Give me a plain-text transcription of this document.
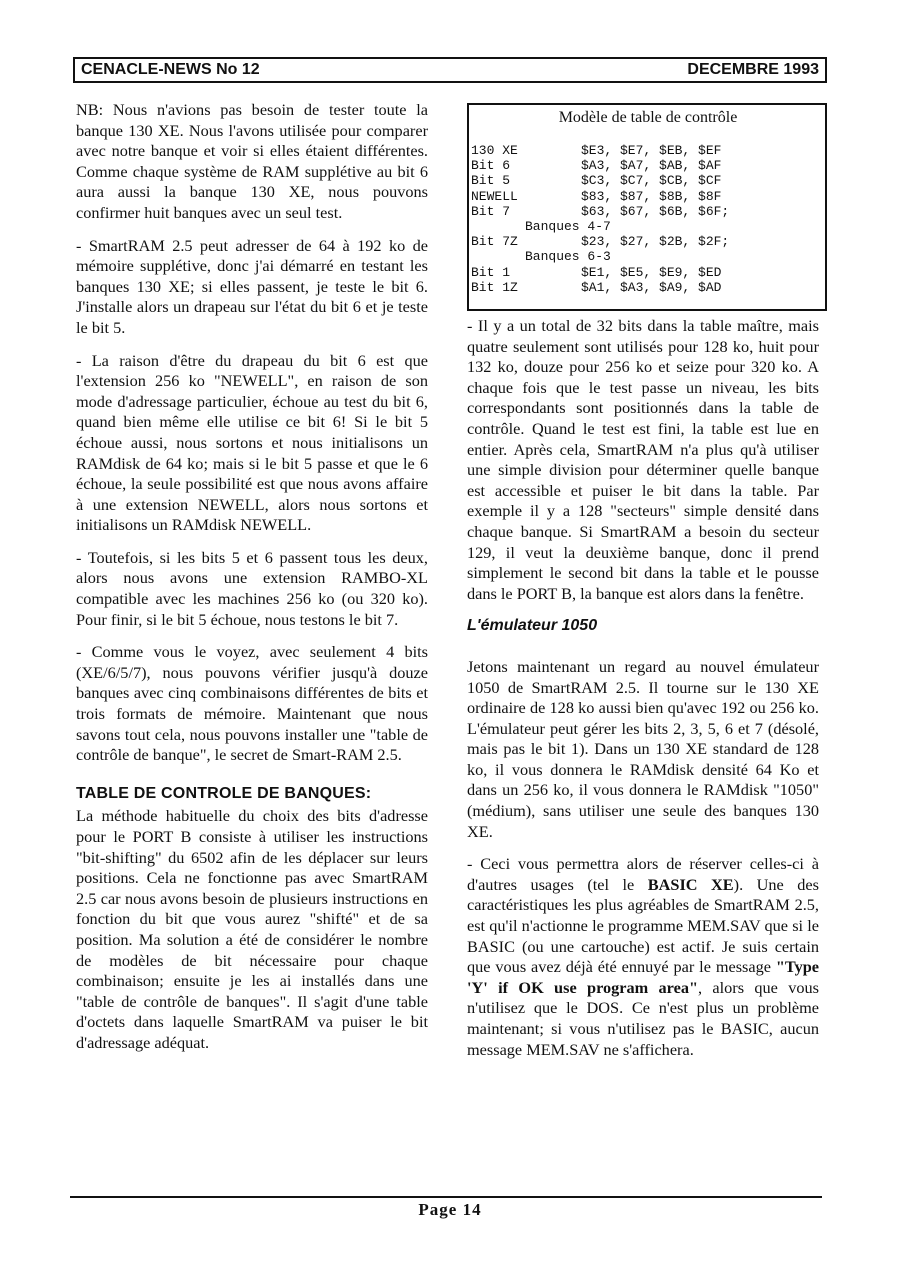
CENACLE-NEWS No 12	DECEMBRE 1993

NB: Nous n'avions pas besoin de tester toute la banque 130 XE. Nous l'avons utilisée pour comparer avec notre banque et voir si elles étaient différentes. Comme chaque système de RAM supplétive au bit 6 aura aussi la banque 130 XE, nous pouvons confirmer huit banques avec un seul test.

- SmartRAM 2.5 peut adresser de 64 à 192 ko de mémoire supplétive, donc j'ai démarré en testant les banques 130 XE; si elles passent, je teste le bit 6. J'installe alors un drapeau sur l'état du bit 6 et je teste le bit 5.

- La raison d'être du drapeau du bit 6 est que l'extension 256 ko "NEWELL", en raison de son mode d'adressage particulier, échoue au test du bit 6, quand bien même elle utilise ce bit 6! Si le bit 5 échoue aussi, nous sortons et nous initialisons un RAMdisk de 64 ko; mais si le bit 5 passe et que le 6 échoue, la seule possibilité est que nous avons affaire à une extension NEWELL, alors nous sortons et initialisons un RAMdisk NEWELL.

- Toutefois, si les bits 5 et 6 passent tous les deux, alors nous avons une extension RAMBO-XL compatible avec les machines 256 ko (ou 320 ko). Pour finir, si le bit 5 échoue, nous testons le bit 7.

- Comme vous le voyez, avec seulement 4 bits (XE/6/5/7), nous pouvons vérifier jusqu'à douze banques avec cinq combinaisons différentes de bits et trois formats de mémoire. Maintenant que nous savons tout cela, nous pouvons installer une "table de contrôle de banque", le secret de Smart-RAM 2.5.

TABLE DE CONTROLE DE BANQUES:

La méthode habituelle du choix des bits d'adresse pour le PORT B consiste à utiliser les instructions "bit-shifting" du 6502 afin de les déplacer sur leurs positions. Cela ne fonctionne pas avec SmartRAM 2.5 car nous avons besoin de plusieurs instructions en fonction du bit que vous aurez "shifté" et de sa position. Ma solution a été de considérer le nombre de modèles de bit nécessaire pour chaque combinaison; ensuite je les ai installés dans une "table de contrôle de banques". Il s'agit d'une table d'octets dans laquelle SmartRAM va puiser le bit d'adressage adéquat.

Modèle de table de contrôle
130 XE	$E3, $E7, $EB, $EF
Bit 6	$A3, $A7, $AB, $AF
Bit 5	$C3, $C7, $CB, $CF
NEWELL	$83, $87, $8B, $8F
Bit 7	$63, $67, $6B, $6F;
Banques 4-7	
Bit 7Z	$23, $27, $2B, $2F;
Banques 6-3	
Bit 1	$E1, $E5, $E9, $ED
Bit 1Z	$A1, $A3, $A9, $AD

- Il y a un total de 32 bits dans la table maître, mais quatre seulement sont utilisés pour 128 ko, huit pour 132 ko, douze pour 256 ko et seize pour 320 ko. A chaque fois que le test passe un niveau, les bits correspondants sont positionnés dans la table de contrôle. Quand le test est fini, la table est lue en entier. Après cela, SmartRAM n'a plus qu'à utiliser une simple division pour déterminer quelle banque est accessible et puiser le bit dans la table. Par exemple il y a 128 "secteurs" simple densité dans chaque banque. Si SmartRAM a besoin du secteur 129, il veut la deuxième banque, donc il prend simplement le second bit dans la table et le pousse dans le PORT B, la banque est alors dans la fenêtre.

L'émulateur 1050

Jetons maintenant un regard au nouvel émulateur 1050 de SmartRAM 2.5. Il tourne sur le 130 XE ordinaire de 128 ko aussi bien qu'avec 192 ou 256 ko. L'émulateur peut gérer les bits 2, 3, 5, 6 et 7 (désolé, mais pas le bit 1). Dans un 130 XE standard de 128 ko, il vous donnera le RAMdisk densité 64 Ko et dans un 256 ko, il vous donnera le RAMdisk "1050" (médium), sans utiliser une seule des banques 130 XE.

- Ceci vous permettra alors de réserver celles-ci à d'autres usages (tel le BASIC XE). Une des caractéristiques les plus agréables de SmartRAM 2.5, est qu'il n'actionne le programme MEM.SAV que si le BASIC (ou une cartouche) est actif. Je suis certain que vous avez déjà été ennuyé par le message "Type 'Y' if OK use program area", alors que vous n'utilisez que le DOS. Ce n'est plus un problème maintenant; si vous n'utilisez pas le BASIC, aucun message MEM.SAV ne s'affichera.

Page 14
